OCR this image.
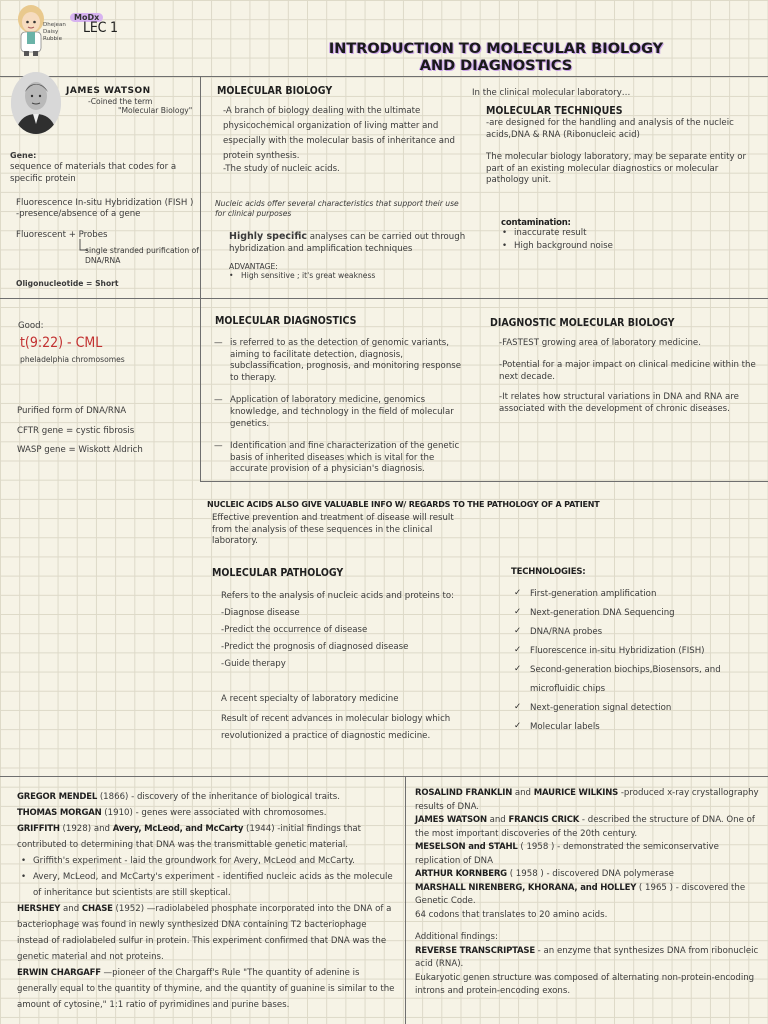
Dhejean
Daisy
Rubbie
MoDx
LEC 1
INTRODUCTION TO MOLECULAR BIOLOGY AND DIAGNOSTICS
JAMES WATSON
-Coined the term
"Molecular Biology"
Gene:
sequence of materials that codes for a specific protein
Fluorescence In-situ Hybridization (FISH )
-presence/absence of a gene
Fluorescent + Probes
single stranded purification of DNA/RNA
Oligonucleotide = Short
Good:
t(9:22) - CML
pheladelphia chromosomes
Purified form of DNA/RNA
CFTR gene = cystic fibrosis
WASP gene = Wiskott Aldrich
MOLECULAR BIOLOGY
-A branch of biology dealing with the ultimate physicochemical organization of living matter and especially with the molecular basis of inheritance and protein synthesis.
-The study of nucleic acids.
Nucleic acids offer several characteristics that support their use for clinical purposes
Highly specific analyses can be carried out through hybridization and amplification techniques
ADVANTAGE:
• High sensitive ; it's great weakness
In the clinical molecular laboratory…
MOLECULAR TECHNIQUES
-are designed for the handling and analysis of the nucleic acids,DNA & RNA (Ribonucleic acid)
The molecular biology laboratory, may be separate entity or part of an existing molecular diagnostics or molecular pathology unit.
contamination:
• inaccurate result
• High background noise
MOLECULAR DIAGNOSTICS
— is referred to as the detection of genomic variants, aiming to facilitate detection, diagnosis, subclassification, prognosis, and monitoring response to therapy.
— Application of laboratory medicine, genomics knowledge, and technology in the field of molecular genetics.
— Identification and fine characterization of the genetic basis of inherited diseases which is vital for the accurate provision of a physician's diagnosis.
DIAGNOSTIC MOLECULAR BIOLOGY
-FASTEST growing area of laboratory medicine.
-Potential for a major impact on clinical medicine within the next decade.
-It relates how structural variations in DNA and RNA are associated with the development of chronic diseases.
NUCLEIC ACIDS ALSO GIVE VALUABLE INFO W/ REGARDS TO THE PATHOLOGY OF A PATIENT
Effective prevention and treatment of disease will result from the analysis of these sequences in the clinical laboratory.
MOLECULAR PATHOLOGY
Refers to the analysis of nucleic acids and proteins to:
-Diagnose disease
-Predict the occurrence of disease
-Predict the prognosis of diagnosed disease
-Guide therapy
A recent specialty of laboratory medicine
Result of recent advances in molecular biology which revolutionized a practice of diagnostic medicine.
TECHNOLOGIES:
✓ First-generation amplification
✓ Next-generation DNA Sequencing
✓ DNA/RNA probes
✓ Fluorescence in-situ Hybridization (FISH)
✓ Second-generation biochips,Biosensors, and microfluidic chips
✓ Next-generation signal detection
✓ Molecular labels
GREGOR MENDEL (1866) - discovery of the inheritance of biological traits.
THOMAS MORGAN (1910) - genes were associated with chromosomes.
GRIFFITH (1928) and Avery, McLeod, and McCarty (1944) -initial findings that contributed to determining that DNA was the transmittable genetic material.
• Griffith's experiment - laid the groundwork for Avery, McLeod and McCarty.
• Avery, McLeod, and McCarty's experiment - identified nucleic acids as the molecule of inheritance but scientists are still skeptical.
HERSHEY and CHASE (1952) —radiolabeled phosphate incorporated into the DNA of a bacteriophage was found in newly synthesized DNA containing T2 bacteriophage instead of radiolabeled sulfur in protein. This experiment confirmed that DNA was the genetic material and not proteins.
ERWIN CHARGAFF —pioneer of the Chargaff's Rule "The quantity of adenine is generally equal to the quantity of thymine, and the quantity of guanine is similar to the amount of cytosine," 1:1 ratio of pyrimidines and purine bases.
ROSALIND FRANKLIN and MAURICE WILKINS -produced x-ray crystallography results of DNA.
JAMES WATSON and FRANCIS CRICK - described the structure of DNA. One of the most important discoveries of the 20th century.
MESELSON and STAHL ( 1958 ) - demonstrated the semiconservative replication of DNA
ARTHUR KORNBERG ( 1958 ) - discovered DNA polymerase
MARSHALL NIRENBERG, KHORANA, and HOLLEY ( 1965 ) - discovered the Genetic Code.
64 codons that translates to 20 amino acids.
Additional findings:
REVERSE TRANSCRIPTASE - an enzyme that synthesizes DNA from ribonucleic acid (RNA).
Eukaryotic genen structure was composed of alternating non-protein-encoding introns and protein-encoding exons.
